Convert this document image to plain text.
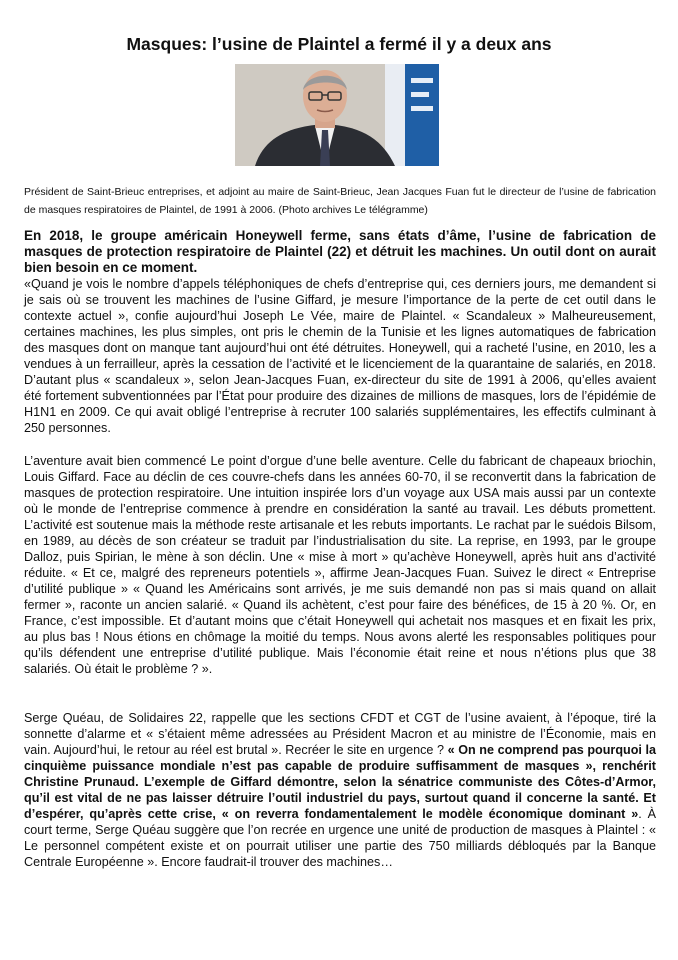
Masques: l’usine de Plaintel a fermé il y a deux ans

Président de Saint-Brieuc entreprises, et adjoint au maire de Saint-Brieuc, Jean Jacques Fuan fut le directeur de l’usine de fabrication de masques respiratoires de Plaintel, de 1991 à 2006. (Photo archives Le télégramme)

En 2018, le groupe américain Honeywell ferme, sans états d’âme, l’usine de fabrication de masques de protection respiratoire de Plaintel (22) et détruit les machines. Un outil dont on aurait bien besoin en ce moment.

«Quand je vois le nombre d’appels téléphoniques de chefs d’entreprise qui, ces derniers jours, me demandent si je sais où se trouvent les machines de l’usine Giffard, je mesure l’importance de la perte de cet outil dans le contexte actuel », confie aujourd’hui Joseph Le Vée, maire de Plaintel. « Scandaleux » Malheureusement, certaines machines, les plus simples, ont pris le chemin de la Tunisie et les lignes automatiques de fabrication des masques dont on manque tant aujourd’hui ont été détruites. Honeywell, qui a racheté l’usine, en 2010, les a vendues à un ferrailleur, après la cessation de l’activité et le licenciement de la quarantaine de salariés, en 2018. D’autant plus « scandaleux », selon Jean-Jacques Fuan, ex-directeur du site de 1991 à 2006, qu’elles avaient été fortement subventionnées par l’État pour produire des dizaines de millions de masques, lors de l’épidémie de H1N1 en 2009. Ce qui avait obligé l’entreprise à recruter 100 salariés supplémentaires, les effectifs culminant à 250 personnes.

L’aventure avait bien commencé Le point d’orgue d’une belle aventure. Celle du fabricant de chapeaux briochin, Louis Giffard. Face au déclin de ces couvre-chefs dans les années 60-70, il se reconvertit dans la fabrication de masques de protection respiratoire. Une intuition inspirée lors d’un voyage aux USA mais aussi par un contexte où le monde de l’entreprise commence à prendre en considération la santé au travail. Les débuts promettent. L’activité est soutenue mais la méthode reste artisanale et les rebuts importants. Le rachat par le suédois Bilsom, en 1989, au décès de son créateur se traduit par l’industrialisation du site. La reprise, en 1993, par le groupe Dalloz, puis Spirian, le mène à son déclin. Une « mise à mort » qu’achève Honeywell, après huit ans d’activité réduite. « Et ce, malgré des repreneurs potentiels », affirme Jean-Jacques Fuan. Suivez le direct « Entreprise d’utilité publique » « Quand les Américains sont arrivés, je me suis demandé non pas si mais quand on allait fermer », raconte un ancien salarié. « Quand ils achètent, c’est pour faire des bénéfices, de 15 à 20 %. Or, en France, c’est impossible. Et d’autant moins que c’était Honeywell qui achetait nos masques et en fixait les prix, au plus bas ! Nous étions en chômage la moitié du temps. Nous avons alerté les responsables politiques pour qu’ils défendent une entreprise d’utilité publique. Mais l’économie était reine et nous n’étions plus que 38 salariés. Où était le problème ? ».

Serge Quéau, de Solidaires 22, rappelle que les sections CFDT et CGT de l’usine avaient, à l’époque, tiré la sonnette d’alarme et « s’étaient même adressées au Président Macron et au ministre de l’Économie, mais en vain. Aujourd’hui, le retour au réel est brutal ». Recréer le site en urgence ? « On ne comprend pas pourquoi la cinquième puissance mondiale n’est pas capable de produire suffisamment de masques », renchérit Christine Prunaud. L’exemple de Giffard démontre, selon la sénatrice communiste des Côtes-d’Armor, qu’il est vital de ne pas laisser détruire l’outil industriel du pays, surtout quand il concerne la santé. Et d’espérer, qu’après cette crise, « on reverra fondamentalement le modèle économique dominant ». À court terme, Serge Quéau suggère que l’on recrée en urgence une unité de production de masques à Plaintel : « Le personnel compétent existe et on pourrait utiliser une partie des 750 milliards débloqués par la Banque Centrale Européenne ». Encore faudrait-il trouver des machines…
